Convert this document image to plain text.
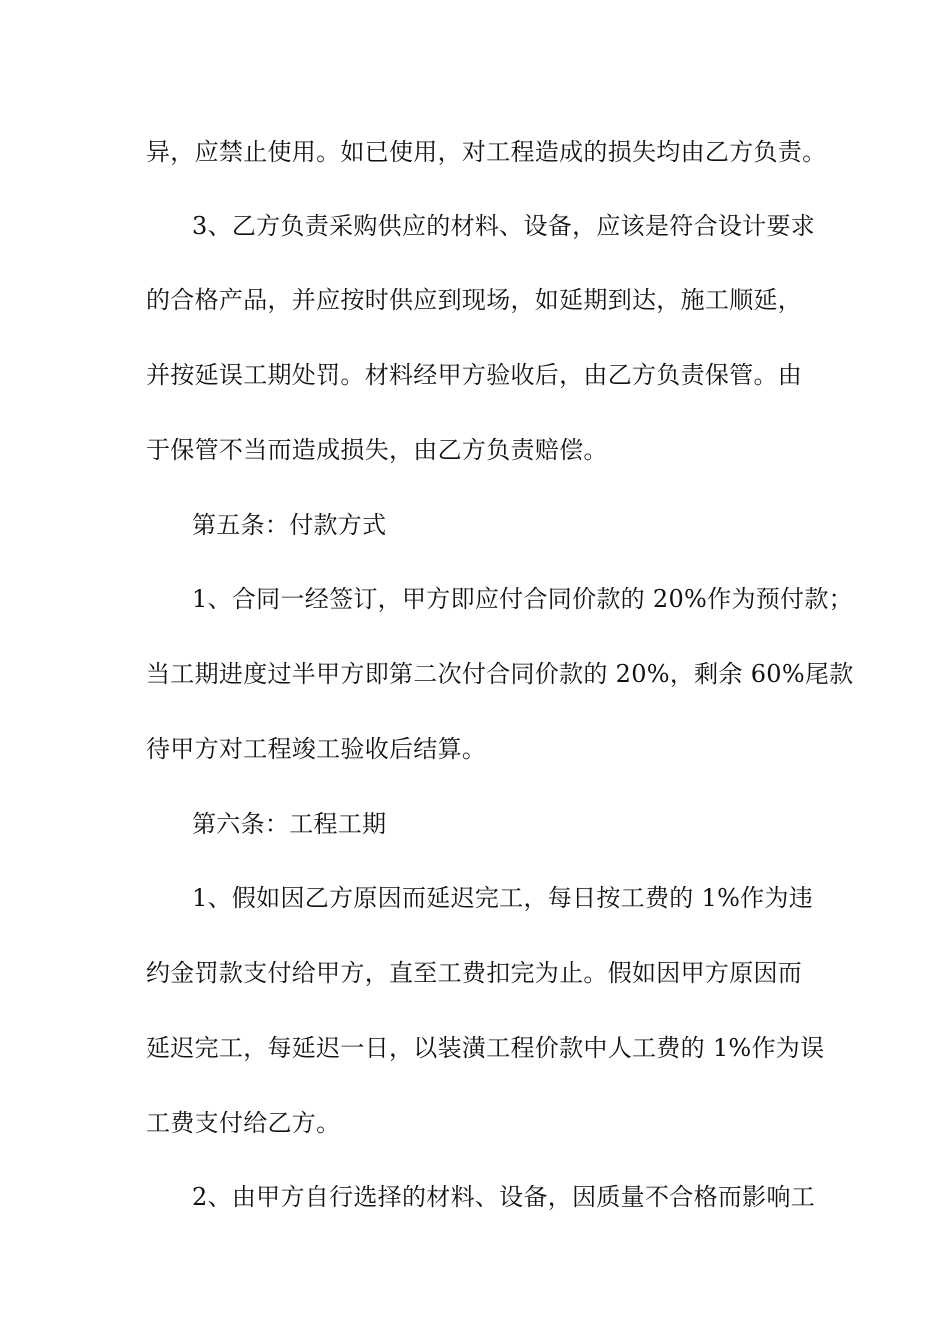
异，应禁止使用。如已使用，对工程造成的损失均由乙方负责。
3、乙方负责采购供应的材料、设备，应该是符合设计要求
的合格产品，并应按时供应到现场，如延期到达，施工顺延，
并按延误工期处罚。材料经甲方验收后，由乙方负责保管。由
于保管不当而造成损失，由乙方负责赔偿。
第五条：付款方式
1、合同一经签订，甲方即应付合同价款的 20%作为预付款；
当工期进度过半甲方即第二次付合同价款的 20%，剩余 60%尾款
待甲方对工程竣工验收后结算。
第六条：工程工期
1、假如因乙方原因而延迟完工，每日按工费的 1%作为违
约金罚款支付给甲方，直至工费扣完为止。假如因甲方原因而
延迟完工，每延迟一日，以装潢工程价款中人工费的 1%作为误
工费支付给乙方。
2、由甲方自行选择的材料、设备，因质量不合格而影响工
